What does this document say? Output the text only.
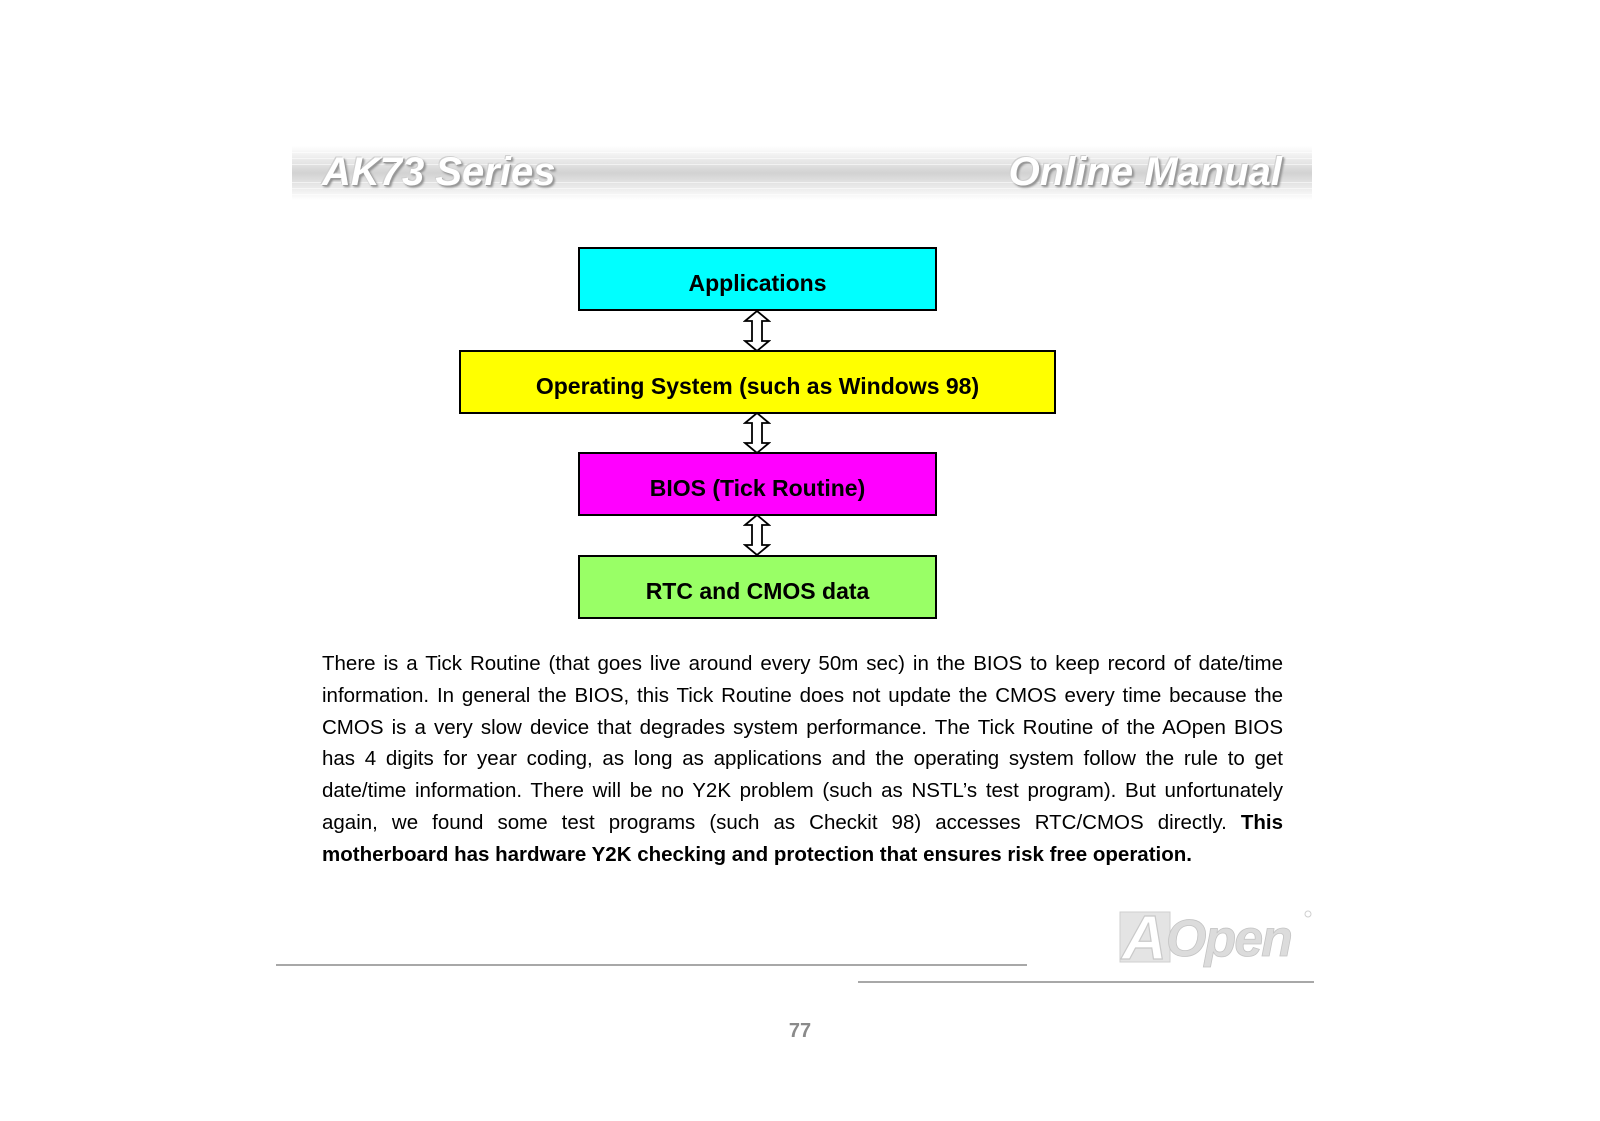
AK73 Series	Online Manual
Applications
Operating System (such as Windows 98)
BIOS (Tick Routine)
RTC and CMOS data

There is a Tick Routine (that goes live around every 50m sec) in the BIOS to keep record of date/time information. In general the BIOS, this Tick Routine does not update the CMOS every time because the CMOS is a very slow device that degrades system performance. The Tick Routine of the AOpen BIOS has 4 digits for year coding, as long as applications and the operating system follow the rule to get date/time information. There will be no Y2K problem (such as NSTL’s test program). But unfortunately again, we found some test programs (such as Checkit 98) accesses RTC/CMOS directly. This motherboard has hardware Y2K checking and protection that ensures risk free operation.

A Open
77
